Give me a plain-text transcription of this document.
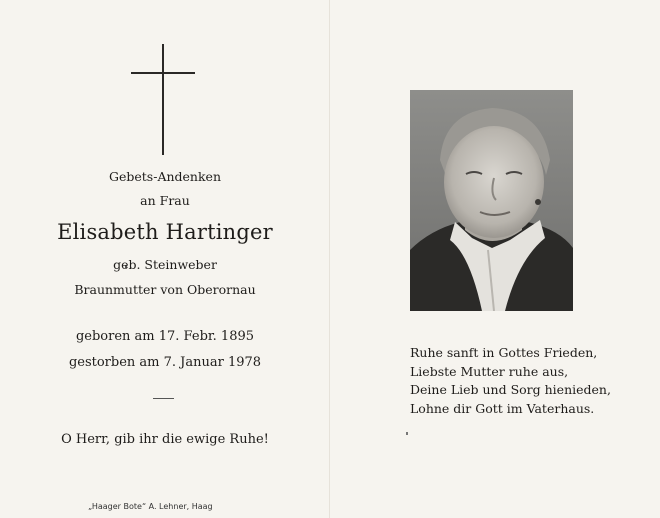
Gebets-Andenken
an Frau
Elisabeth Hartinger
geb. Steinweber
Braunmutter von Oberornau
geboren am 17. Febr. 1895
gestorben am 7. Januar 1978
O Herr, gib ihr die ewige Ruhe!
„Haager Bote“ A. Lehner, Haag
Ruhe sanft in Gottes Frieden,
Liebste Mutter ruhe aus,
Deine Lieb und Sorg hienieden,
Lohne dir Gott im Vaterhaus.
